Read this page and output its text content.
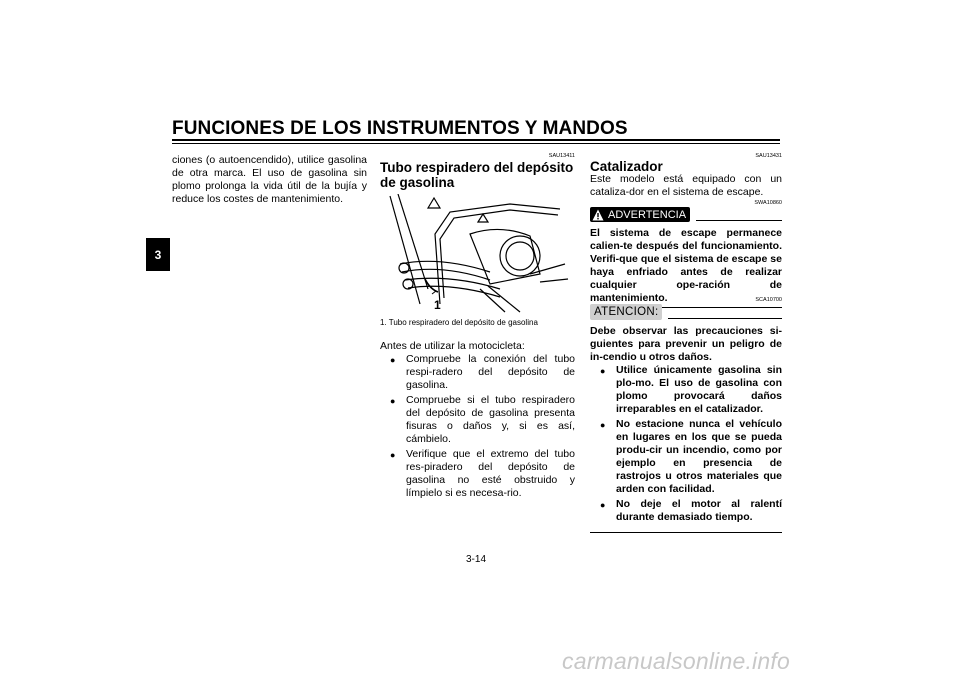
FUNCIONES DE LOS INSTRUMENTOS Y MANDOS
3
ciones (o autoencendido), utilice gasolina de otra marca. El uso de gasolina sin plomo prolonga la vida útil de la bujía y reduce los costes de mantenimiento.
SAU13411
Tubo respiradero del depósito de gasolina
1
1. Tubo respiradero del depósito de gasolina
Antes de utilizar la motocicleta:
● Compruebe la conexión del tubo respi-radero del depósito de gasolina.
● Compruebe si el tubo respiradero del depósito de gasolina presenta fisuras o daños y, si es así, cámbielo.
● Verifique que el extremo del tubo res-piradero del depósito de gasolina no esté obstruido y límpielo si es necesa-rio.
SAU13431
Catalizador
Este modelo está equipado con un cataliza-dor en el sistema de escape.
SWA10860
ADVERTENCIA
El sistema de escape permanece calien-te después del funcionamiento. Verifi-que que el sistema de escape se haya enfriado antes de realizar cualquier ope-ración de mantenimiento.	SCA10700
ATENCION:
Debe observar las precauciones si-guientes para prevenir un peligro de in-cendio u otros daños.
● Utilice únicamente gasolina sin plo-mo. El uso de gasolina con plomo provocará daños irreparables en el catalizador.
● No estacione nunca el vehículo en lugares en los que se pueda produ-cir un incendio, como por ejemplo en presencia de rastrojos u otros materiales que arden con facilidad.
● No deje el motor al ralentí durante demasiado tiempo.
3-14
carmanualsonline.info
